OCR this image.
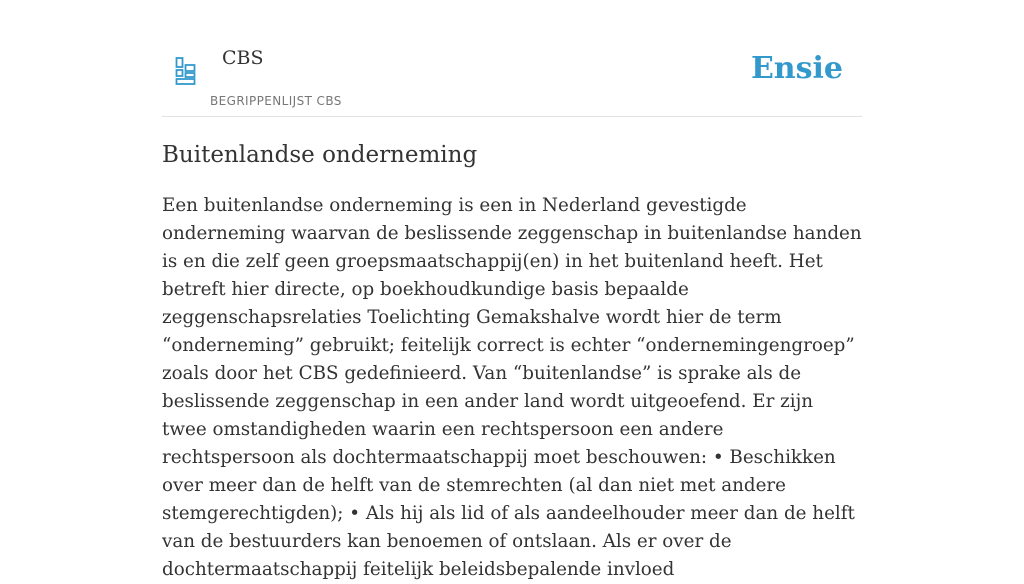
CBS
BEGRIPPENLIJST CBS
Ensie
Buitenlandse onderneming

Een buitenlandse onderneming is een in Nederland gevestigde onderneming waarvan de beslissende zeggenschap in buitenlandse handen is en die zelf geen groepsmaatschappij(en) in het buitenland heeft. Het betreft hier directe, op boekhoudkundige basis bepaalde zeggenschapsrelaties Toelichting Gemakshalve wordt hier de term “onderneming” gebruikt; feitelijk correct is echter “ondernemingengroep” zoals door het CBS gedefinieerd. Van “buitenlandse” is sprake als de beslissende zeggenschap in een ander land wordt uitgeoefend. Er zijn twee omstandigheden waarin een rechtspersoon een andere rechtspersoon als dochtermaatschappij moet beschouwen: • Beschikken over meer dan de helft van de stemrechten (al dan niet met andere stemgerechtigden); • Als hij als lid of als aandeelhouder meer dan de helft van de bestuurders kan benoemen of ontslaan. Als er over de dochtermaatschappij feitelijk beleidsbepalende invloed
